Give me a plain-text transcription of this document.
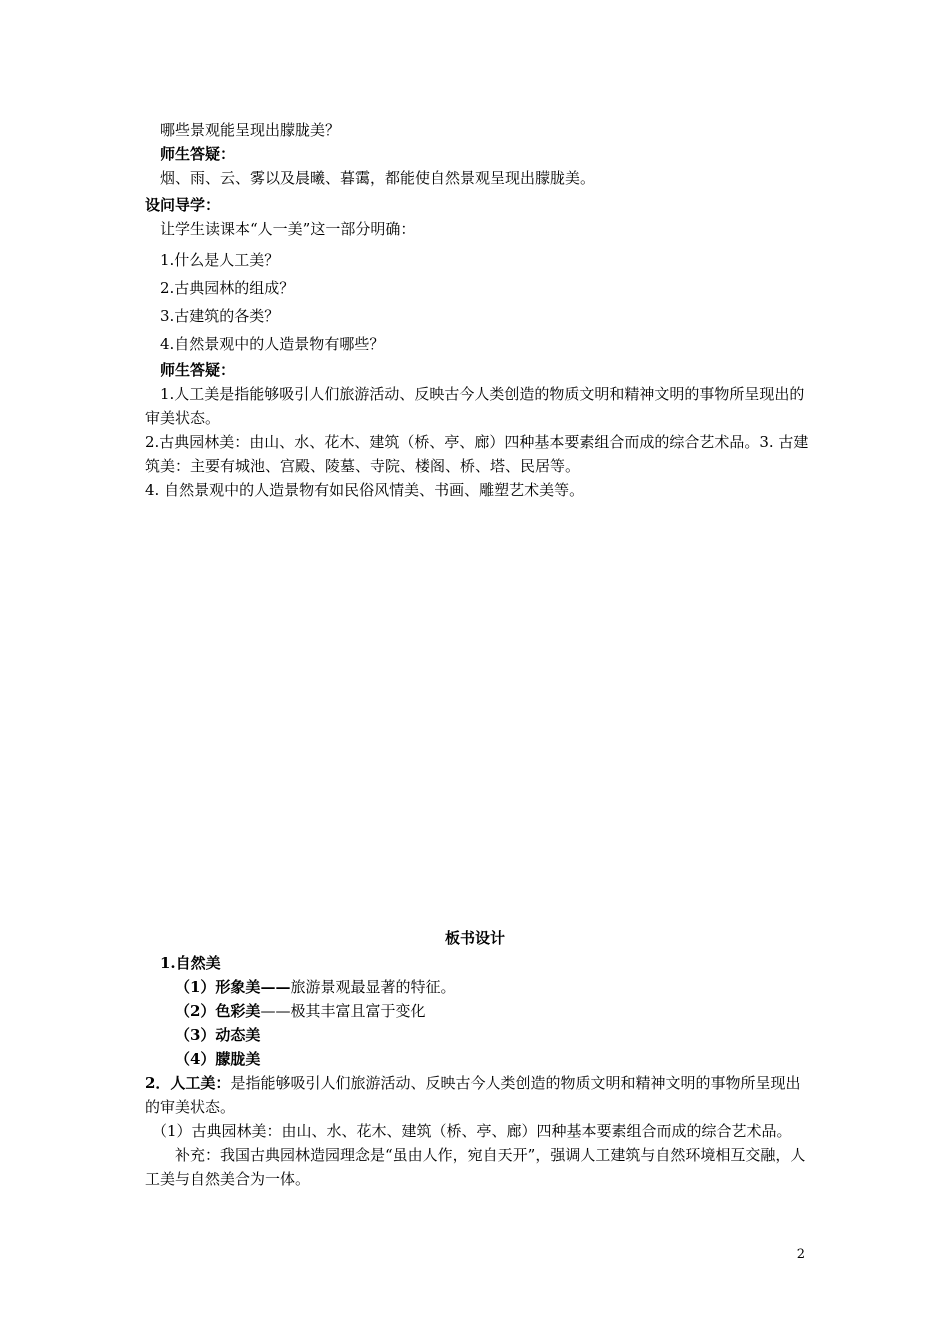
哪些景观能呈现出朦胧美？
师生答疑：
烟、雨、云、雾以及晨曦、暮霭，都能使自然景观呈现出朦胧美。
设问导学：
让学生读课本“人一美”这一部分明确：
1.什么是人工美？
2.古典园林的组成？
3.古建筑的各类？
4.自然景观中的人造景物有哪些？
师生答疑：
1.人工美是指能够吸引人们旅游活动、反映古今人类创造的物质文明和精神文明的事物所呈现出的审美状态。
2.古典园林美：由山、水、花木、建筑（桥、亭、廊）四种基本要素组合而成的综合艺术品。3. 古建筑美：主要有城池、宫殿、陵墓、寺院、楼阁、桥、塔、民居等。
4. 自然景观中的人造景物有如民俗风情美、书画、雕塑艺术美等。
板书设计
1.自然美
（1）形象美——旅游景观最显著的特征。
（2）色彩美——极其丰富且富于变化
（3）动态美
（4）朦胧美
2．人工美：是指能够吸引人们旅游活动、反映古今人类创造的物质文明和精神文明的事物所呈现出的审美状态。
（1）古典园林美：由山、水、花木、建筑（桥、亭、廊）四种基本要素组合而成的综合艺术品。
补充：我国古典园林造园理念是“虽由人作，宛自天开”，强调人工建筑与自然环境相互交融，人工美与自然美合为一体。
2
